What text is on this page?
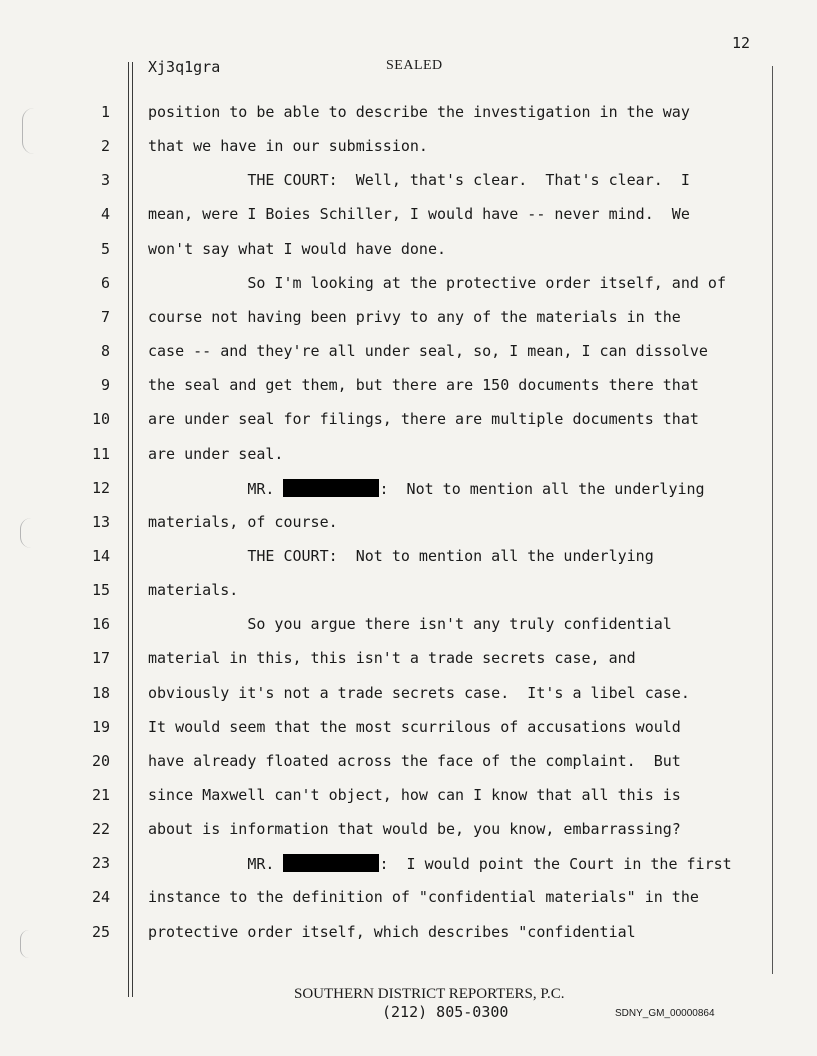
12
Xj3q1gra	SEALED
1	position to be able to describe the investigation in the way
2	that we have in our submission.
3	THE COURT:  Well, that's clear.  That's clear.  I
4	mean, were I Boies Schiller, I would have -- never mind.  We
5	won't say what I would have done.
6	So I'm looking at the protective order itself, and of
7	course not having been privy to any of the materials in the
8	case -- and they're all under seal, so, I mean, I can dissolve
9	the seal and get them, but there are 150 documents there that
10	are under seal for filings, there are multiple documents that
11	are under seal.
12	MR.	:  Not to mention all the underlying
13	materials, of course.
14	THE COURT:  Not to mention all the underlying
15	materials.
16	So you argue there isn't any truly confidential
17	material in this, this isn't a trade secrets case, and
18	obviously it's not a trade secrets case.  It's a libel case.
19	It would seem that the most scurrilous of accusations would
20	have already floated across the face of the complaint.  But
21	since Maxwell can't object, how can I know that all this is
22	about is information that would be, you know, embarrassing?
23	MR.	:  I would point the Court in the first
24	instance to the definition of "confidential materials" in the
25	protective order itself, which describes "confidential
SOUTHERN DISTRICT REPORTERS, P.C.
(212) 805-0300	SDNY_GM_00000864
